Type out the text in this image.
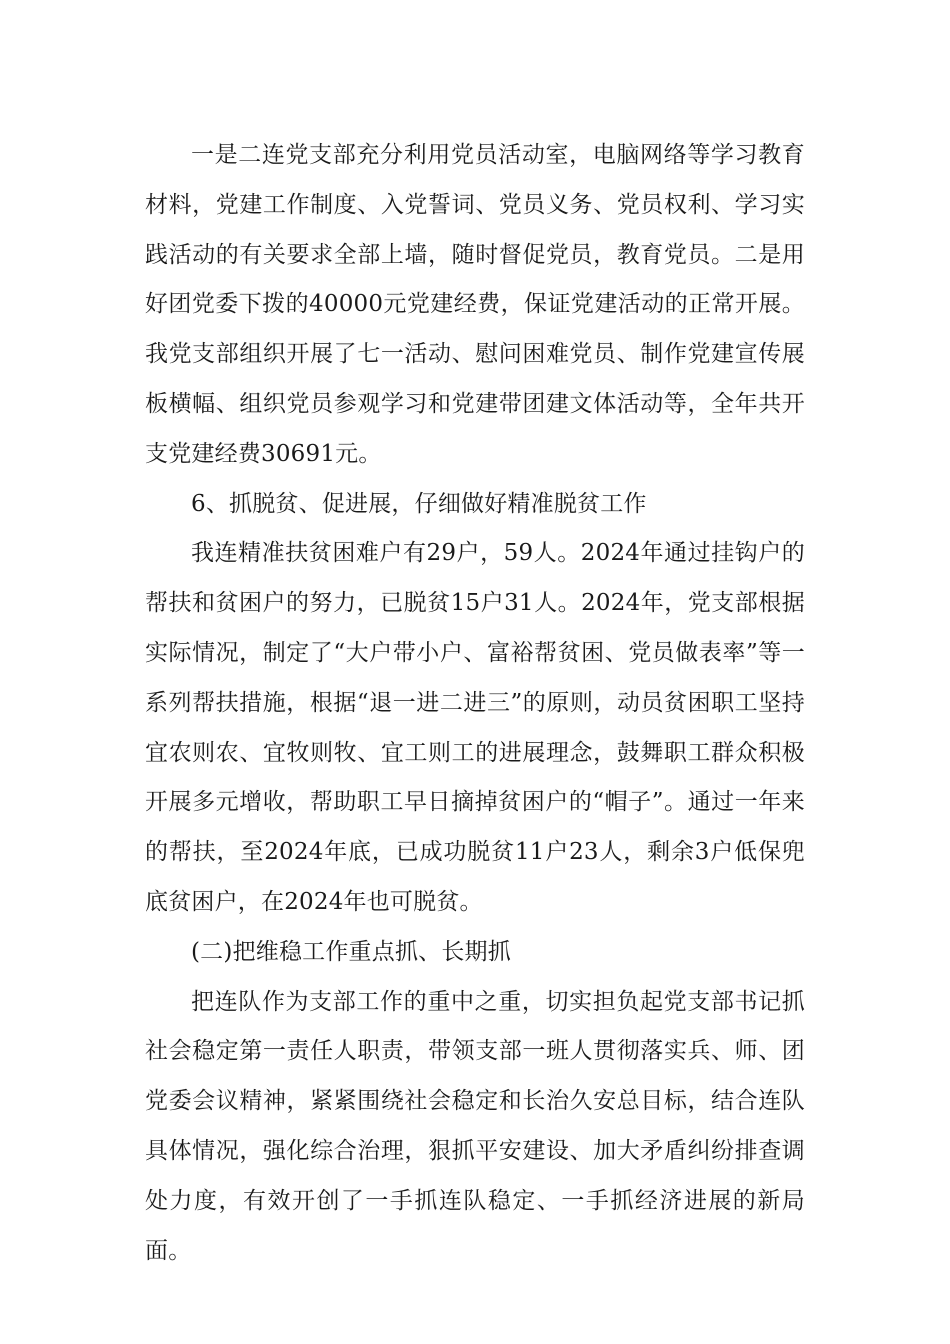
一是二连党支部充分利用党员活动室，电脑网络等学习教育材料，党建工作制度、入党誓词、党员义务、党员权利、学习实践活动的有关要求全部上墙，随时督促党员，教育党员。二是用好团党委下拨的40000元党建经费，保证党建活动的正常开展。我党支部组织开展了七一活动、慰问困难党员、制作党建宣传展板横幅、组织党员参观学习和党建带团建文体活动等，全年共开支党建经费30691元。

6、抓脱贫、促进展，仔细做好精准脱贫工作

我连精准扶贫困难户有29户，59人。2024年通过挂钩户的帮扶和贫困户的努力，已脱贫15户31人。2024年，党支部根据实际情况，制定了“大户带小户、富裕帮贫困、党员做表率”等一系列帮扶措施，根据“退一进二进三”的原则，动员贫困职工坚持宜农则农、宜牧则牧、宜工则工的进展理念，鼓舞职工群众积极开展多元增收，帮助职工早日摘掉贫困户的“帽子”。通过一年来的帮扶，至2024年底，已成功脱贫11户23人，剩余3户低保兜底贫困户，在2024年也可脱贫。

(二)把维稳工作重点抓、长期抓

把连队作为支部工作的重中之重，切实担负起党支部书记抓社会稳定第一责任人职责，带领支部一班人贯彻落实兵、师、团党委会议精神，紧紧围绕社会稳定和长治久安总目标，结合连队具体情况，强化综合治理，狠抓平安建设、加大矛盾纠纷排查调处力度，有效开创了一手抓连队稳定、一手抓经济进展的新局面。
